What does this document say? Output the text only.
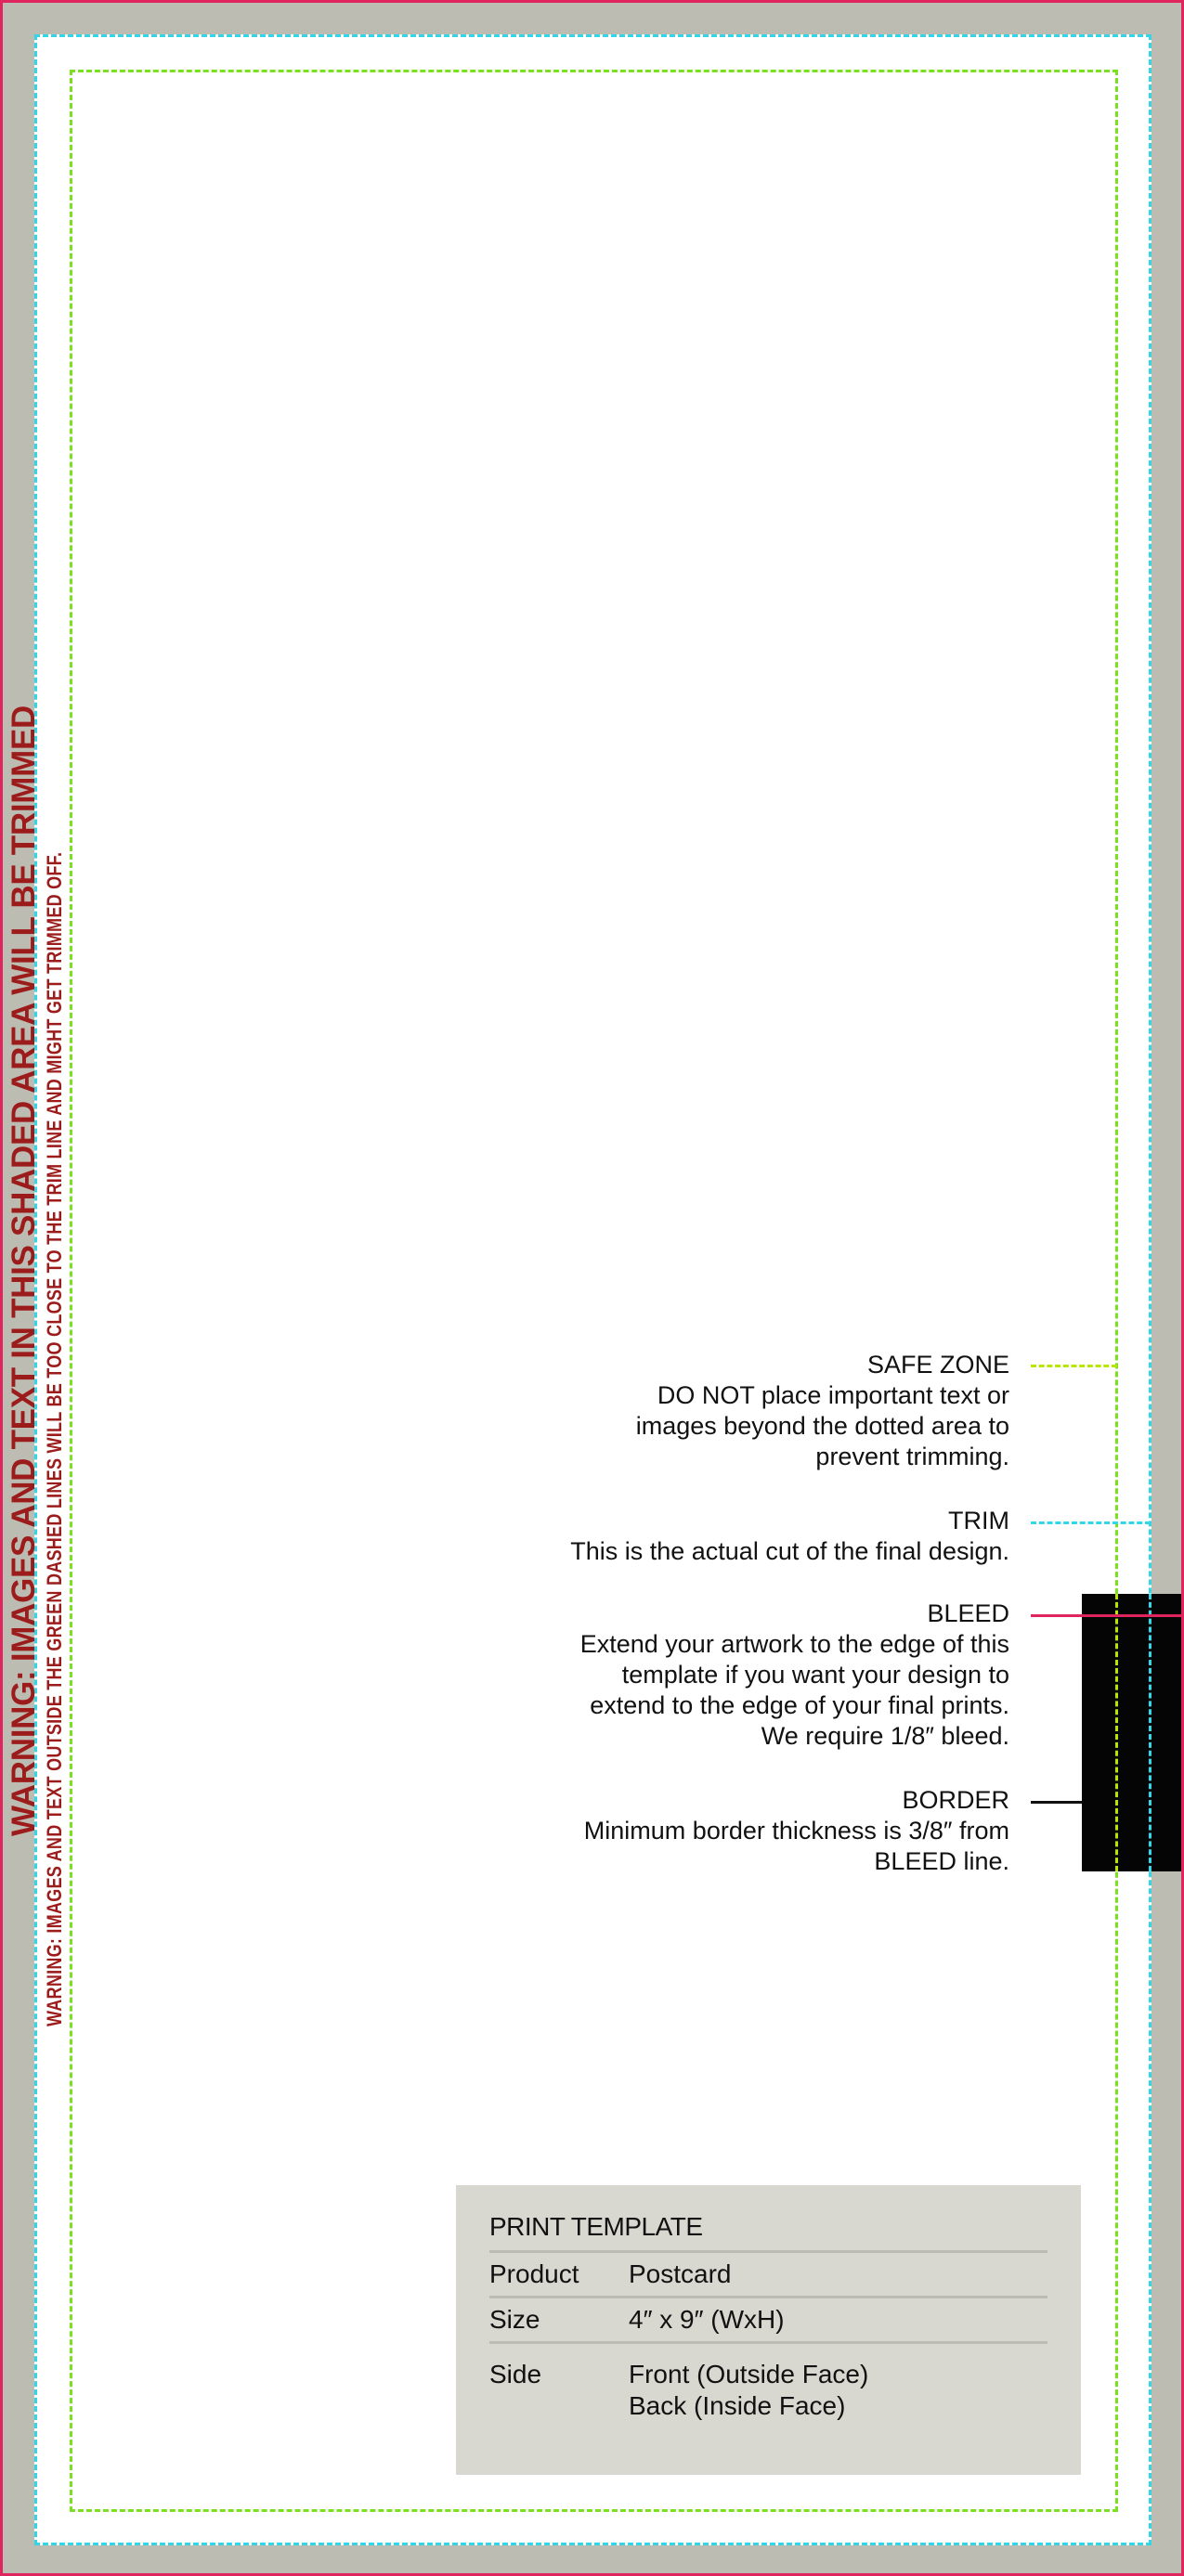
WARNING: IMAGES AND TEXT IN THIS SHADED AREA WILL BE TRIMMED WARNING: IMAGES AND TEXT OUTSIDE THE GREEN DASHED LINES WILL BE TOO CLOSE TO THE TRIM LINE AND MIGHT GET TRIMMED OFF.	SAFE ZONE
DO NOT place important text or
images beyond the dotted area to
prevent trimming.
TRIM
This is the actual cut of the final design.
BLEED
Extend your artwork to the edge of this
template if you want your design to
extend to the edge of your final prints.
We require 1/8″ bleed.
BORDER
Minimum border thickness is 3/8″ from
BLEED line.
PRINT TEMPLATE
Product	Postcard
Size	4″ x 9″ (WxH)
Side	Front (Outside Face)
Back (Inside Face)
